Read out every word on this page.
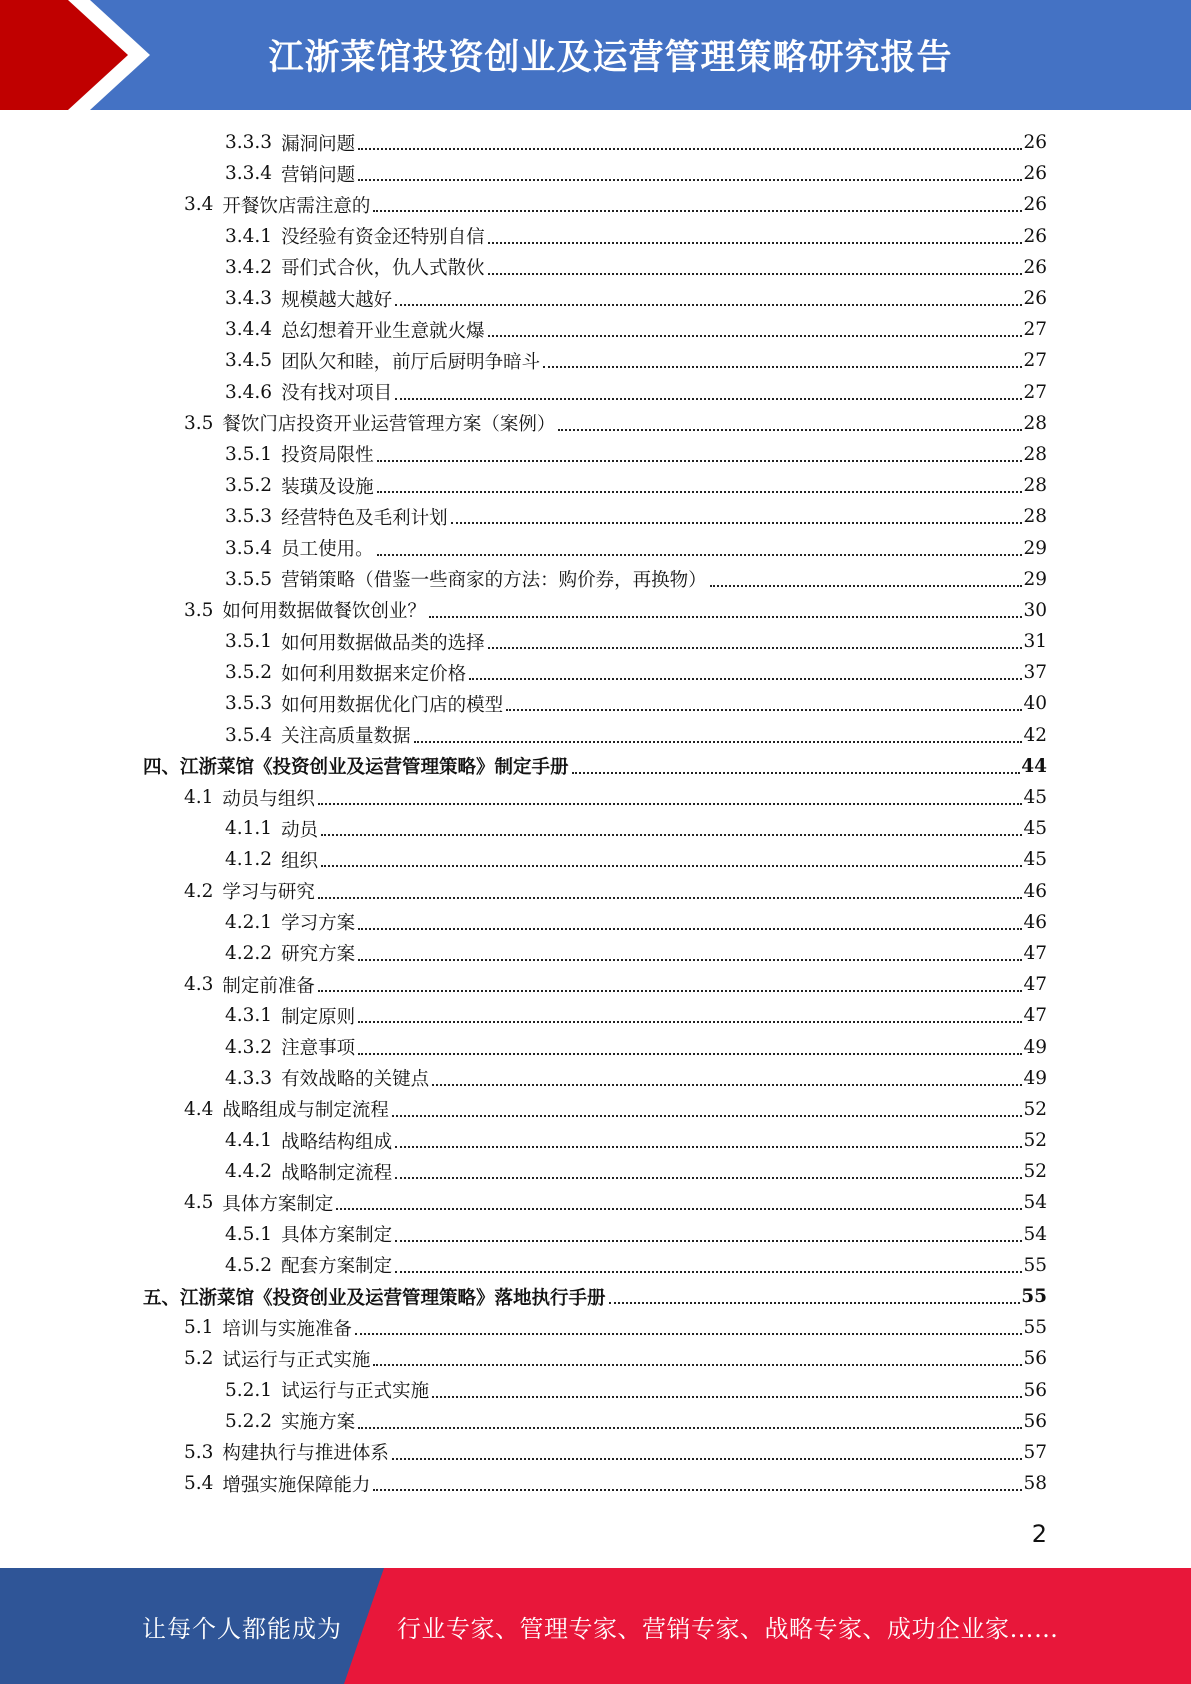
江浙菜馆投资创业及运营管理策略研究报告
3.3.3 漏洞问题	26
3.3.4 营销问题	26
3.4 开餐饮店需注意的	26
3.4.1 没经验有资金还特别自信	26
3.4.2 哥们式合伙，仇人式散伙	26
3.4.3 规模越大越好	26
3.4.4 总幻想着开业生意就火爆	27
3.4.5 团队欠和睦，前厅后厨明争暗斗	27
3.4.6 没有找对项目	27
3.5 餐饮门店投资开业运营管理方案（案例）	28
3.5.1 投资局限性	28
3.5.2 装璜及设施	28
3.5.3 经营特色及毛利计划	28
3.5.4 员工使用。	29
3.5.5 营销策略（借鉴一些商家的方法：购价券，再换物）	29
3.5 如何用数据做餐饮创业？	30
3.5.1 如何用数据做品类的选择	31
3.5.2 如何利用数据来定价格	37
3.5.3 如何用数据优化门店的模型	40
3.5.4 关注高质量数据	42
四、 江浙菜馆《投资创业及运营管理策略》制定手册	44
4.1 动员与组织	45
4.1.1 动员	45
4.1.2 组织	45
4.2 学习与研究	46
4.2.1 学习方案	46
4.2.2 研究方案	47
4.3 制定前准备	47
4.3.1 制定原则	47
4.3.2 注意事项	49
4.3.3 有效战略的关键点	49
4.4 战略组成与制定流程	52
4.4.1 战略结构组成	52
4.4.2 战略制定流程	52
4.5 具体方案制定	54
4.5.1 具体方案制定	54
4.5.2 配套方案制定	55
五、 江浙菜馆《投资创业及运营管理策略》落地执行手册	55
5.1 培训与实施准备	55
5.2 试运行与正式实施	56
5.2.1 试运行与正式实施	56
5.2.2 实施方案	56
5.3 构建执行与推进体系	57
5.4 增强实施保障能力	58
2
让每个人都能成为 行业专家、管理专家、营销专家、战略专家、成功企业家……
